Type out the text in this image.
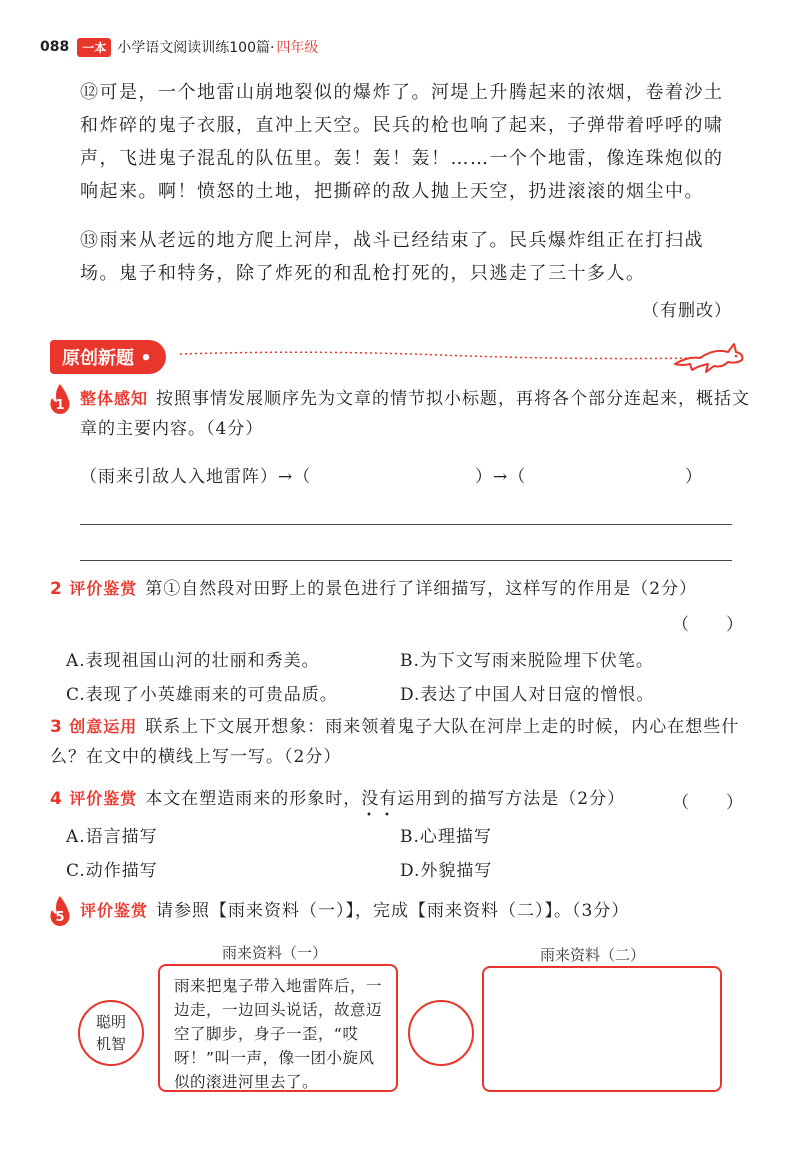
088	一本 小学语文阅读训练100篇· 四年级

⑫可是，一个地雷山崩地裂似的爆炸了。河堤上升腾起来的浓烟，卷着沙土和炸碎的鬼子衣服，直冲上天空。民兵的枪也响了起来，子弹带着呼呼的啸声，飞进鬼子混乱的队伍里。轰！轰！轰！……一个个地雷，像连珠炮似的响起来。啊！愤怒的土地，把撕碎的敌人抛上天空，扔进滚滚的烟尘中。

⑬雨来从老远的地方爬上河岸，战斗已经结束了。民兵爆炸组正在打扫战场。鬼子和特务，除了炸死的和乱枪打死的，只逃走了三十多人。

（有删改）
原创新题 •
1 整体感知 按照事情发展顺序先为文章的情节拟小标题，再将各个部分连起来，概括文章的主要内容。（4分）
（雨来引敌人入地雷阵）→（	）→（	）
2 评价鉴赏 第①自然段对田野上的景色进行了详细描写，这样写的作用是（2分）
（　　）
A.表现祖国山河的壮丽和秀美。	B.为下文写雨来脱险埋下伏笔。
C.表现了小英雄雨来的可贵品质。	D.表达了中国人对日寇的憎恨。
3 创意运用 联系上下文展开想象：雨来领着鬼子大队在河岸上走的时候，内心在想些什么？在文中的横线上写一写。（2分）
4 评价鉴赏 本文在塑造雨来的形象时，没有运用到的描写方法是（2分）
• •
（　　）
A.语言描写	B.心理描写
C.动作描写	D.外貌描写
5 评价鉴赏 请参照【雨来资料（一）】，完成【雨来资料（二）】。（3分）
雨来资料（一）
雨来把鬼子带入地雷阵后，一边走，一边回头说话，故意迈空了脚步，身子一歪，“哎呀！”叫一声，像一团小旋风似的滚进河里去了。
聪明机智
雨来资料（二）
